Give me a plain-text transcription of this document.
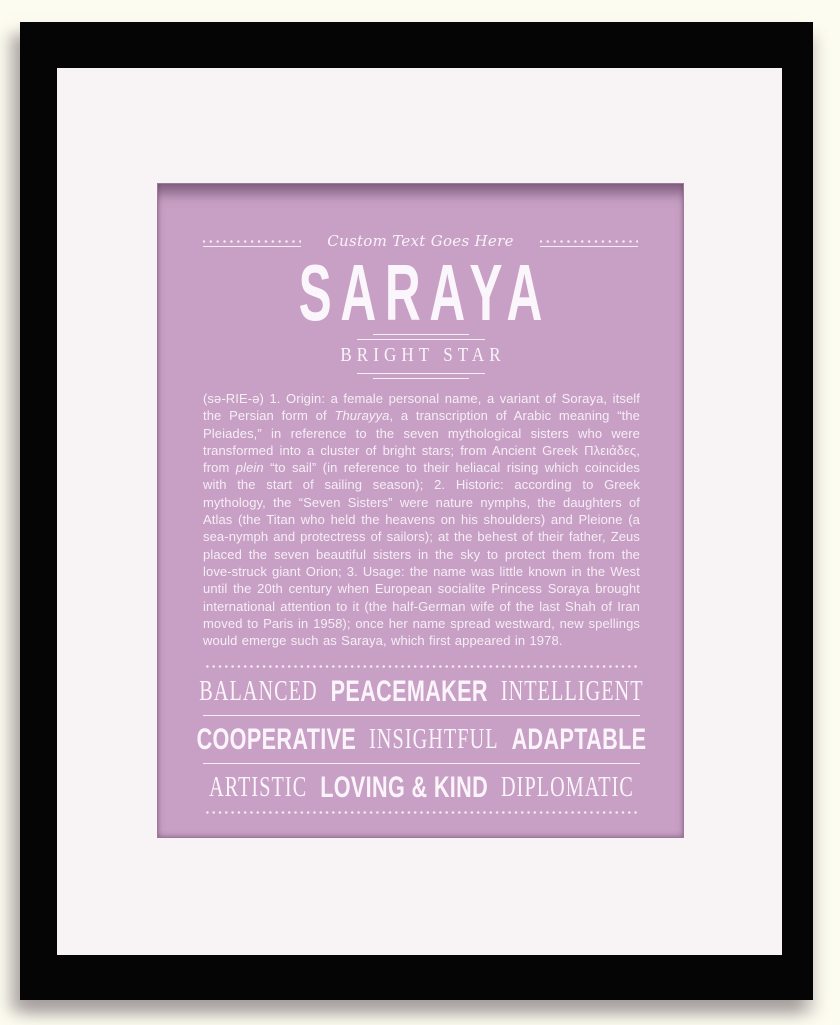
Custom Text Goes Here
SARAYA
BRIGHT STAR

(sə-RIE-ə) 1. Origin: a female personal name, a variant of Soraya, itself the Persian form of Thurayya, a transcription of Arabic meaning “the Pleiades,” in reference to the seven mythological sisters who were transformed into a cluster of bright stars; from Ancient Greek Πλειάδες, from plein “to sail” (in reference to their heliacal rising which coincides with the start of sailing season); 2. Historic: according to Greek mythology, the “Seven Sisters” were nature nymphs, the daughters of Atlas (the Titan who held the heavens on his shoulders) and Pleione (a sea-nymph and protectress of sailors); at the behest of their father, Zeus placed the seven beautiful sisters in the sky to protect them from the love-struck giant Orion; 3. Usage: the name was little known in the West until the 20th century when European socialite Princess Soraya brought international attention to it (the half-German wife of the last Shah of Iran moved to Paris in 1958); once her name spread westward, new spellings would emerge such as Saraya, which first appeared in 1978.

BALANCED PEACEMAKER INTELLIGENT
COOPERATIVE INSIGHTFUL ADAPTABLE
ARTISTIC LOVING & KIND DIPLOMATIC
